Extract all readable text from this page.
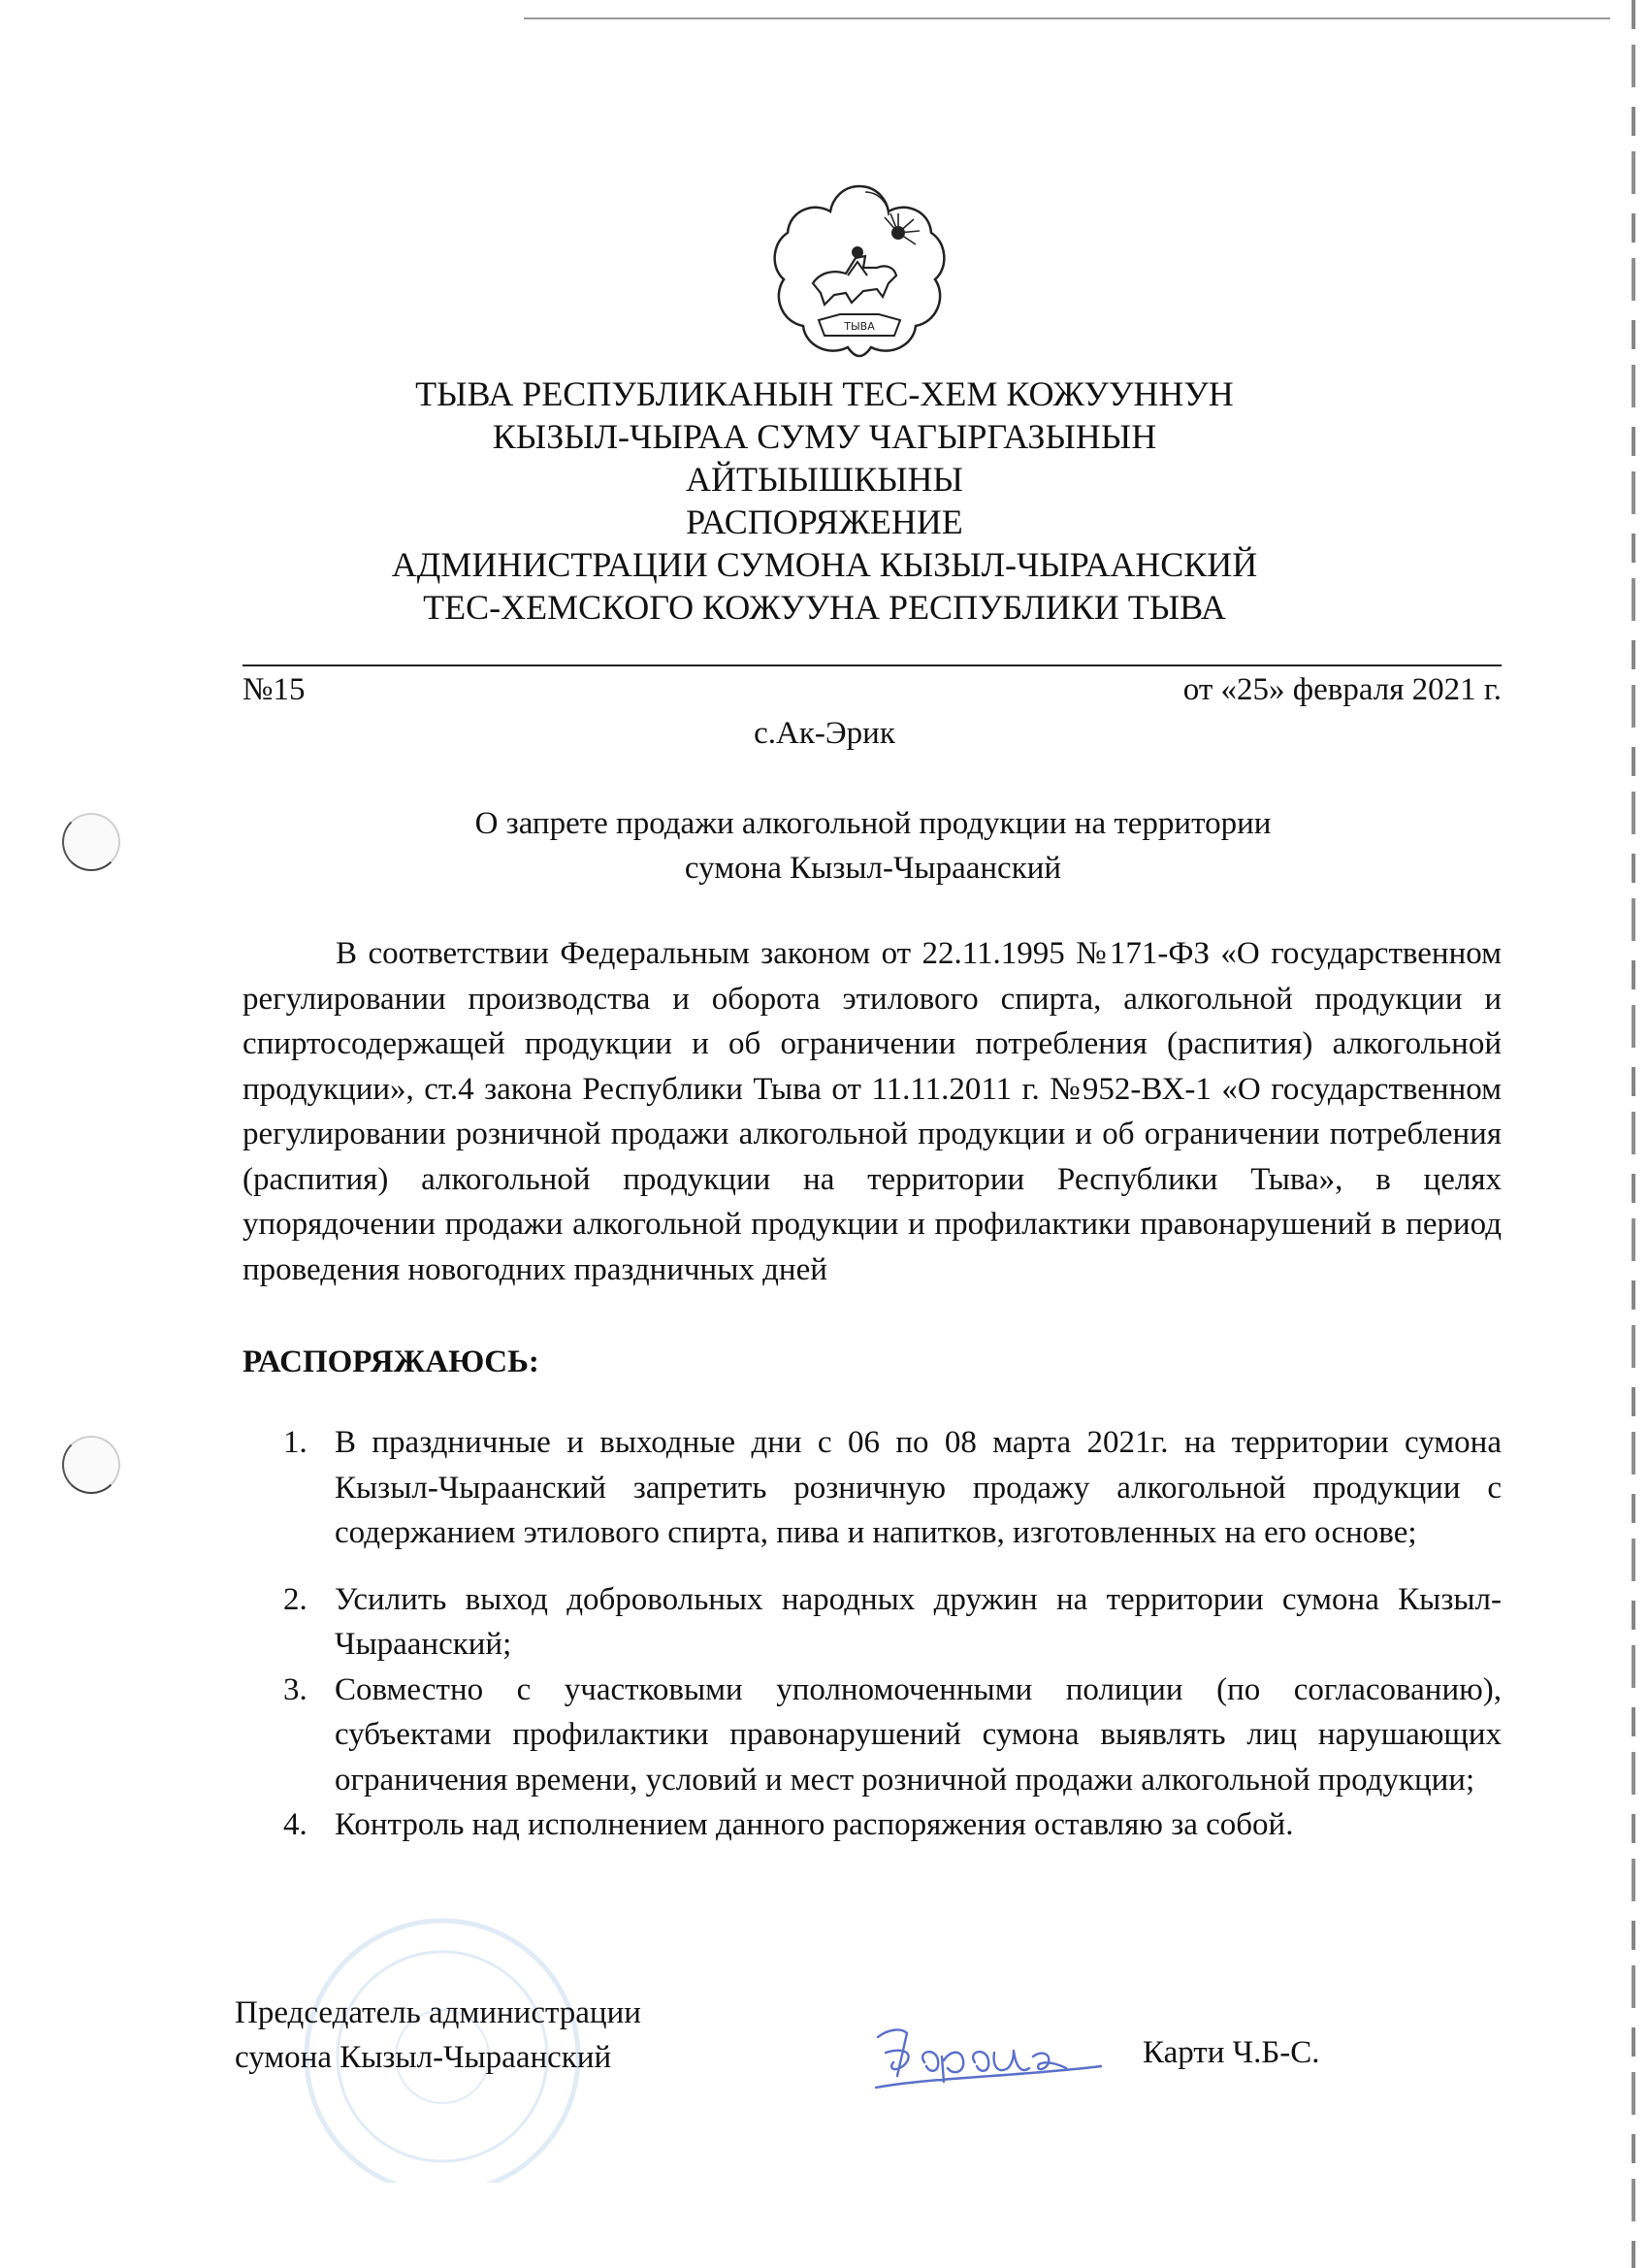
ТЫВА
ТЫВА РЕСПУБЛИКАНЫН ТЕС-ХЕМ КОЖУУННУН
КЫЗЫЛ-ЧЫРАА СУМУ ЧАГЫРГАЗЫНЫН
АЙТЫЫШКЫНЫ
РАСПОРЯЖЕНИЕ
АДМИНИСТРАЦИИ СУМОНА КЫЗЫЛ-ЧЫРААНСКИЙ
ТЕС-ХЕМСКОГО КОЖУУНА РЕСПУБЛИКИ ТЫВА
№15	от «25» февраля 2021 г.
с.Ак-Эрик
О запрете продажи алкогольной продукции на территории
сумона Кызыл-Чыраанский

В соответствии Федеральным законом от 22.11.1995 №171-ФЗ «О государственном регулировании производства и оборота этилового спирта, алкогольной продукции и спиртосодержащей продукции и об ограничении потребления (распития) алкогольной продукции», ст.4 закона Республики Тыва от 11.11.2011 г. №952-ВХ-1 «О государственном регулировании розничной продажи алкогольной продукции и об ограничении потребления (распития) алкогольной продукции на территории Республики Тыва», в целях упорядочении продажи алкогольной продукции и профилактики правонарушений в период проведения новогодних праздничных дней

РАСПОРЯЖАЮСЬ:
1. В праздничные и выходные дни с 06 по 08 марта 2021г. на территории сумона Кызыл-Чыраанский запретить розничную продажу алкогольной продукции с содержанием этилового спирта, пива и напитков, изготовленных на его основе;
2. Усилить выход добровольных народных дружин на территории сумона Кызыл-Чыраанский;
3. Совместно с участковыми уполномоченными полиции (по согласованию), субъектами профилактики правонарушений сумона выявлять лиц нарушающих ограничения времени, условий и мест розничной продажи алкогольной продукции;
4. Контроль над исполнением данного распоряжения оставляю за собой.
Председатель администрации
сумона Кызыл-Чыраанский	Карти Ч.Б-С.
